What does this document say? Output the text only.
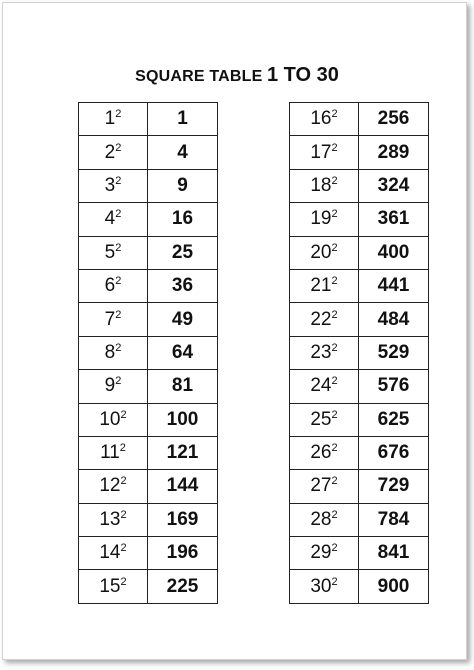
SQUARE TABLE 1 TO 30
$1^2$	1
$2^2$	4
$3^2$	9
$4^2$	16
$5^2$	25
$6^2$	36
$7^2$	49
$8^2$	64
$9^2$	81
$10^2$	100
$11^2$	121
$12^2$	144
$13^2$	169
$14^2$	196
$15^2$	225
$16^2$	256
$17^2$	289
$18^2$	324
$19^2$	361
$20^2$	400
$21^2$	441
$22^2$	484
$23^2$	529
$24^2$	576
$25^2$	625
$26^2$	676
$27^2$	729
$28^2$	784
$29^2$	841
$30^2$	900
